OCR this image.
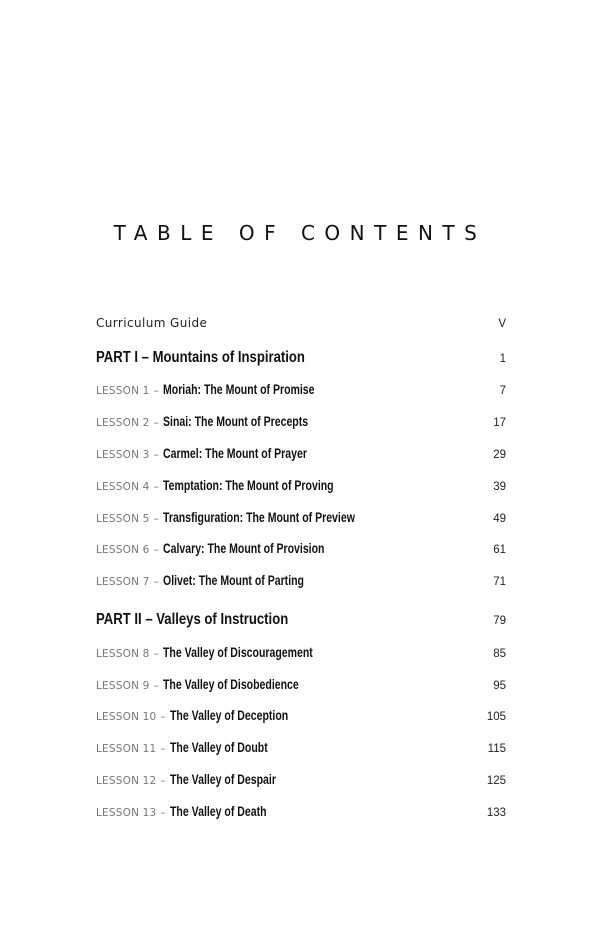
TABLE OF CONTENTS
Curriculum Guide	V
PART I – Mountains of Inspiration	1
LESSON 1 – Moriah: The Mount of Promise	7
LESSON 2 – Sinai: The Mount of Precepts	17
LESSON 3 – Carmel: The Mount of Prayer	29
LESSON 4 – Temptation: The Mount of Proving	39
LESSON 5 – Transfiguration: The Mount of Preview	49
LESSON 6 – Calvary: The Mount of Provision	61
LESSON 7 – Olivet: The Mount of Parting	71
PART II – Valleys of Instruction	79
LESSON 8 – The Valley of Discouragement	85
LESSON 9 – The Valley of Disobedience	95
LESSON 10 – The Valley of Deception	105
LESSON 11 – The Valley of Doubt	115
LESSON 12 – The Valley of Despair	125
LESSON 13 – The Valley of Death	133
